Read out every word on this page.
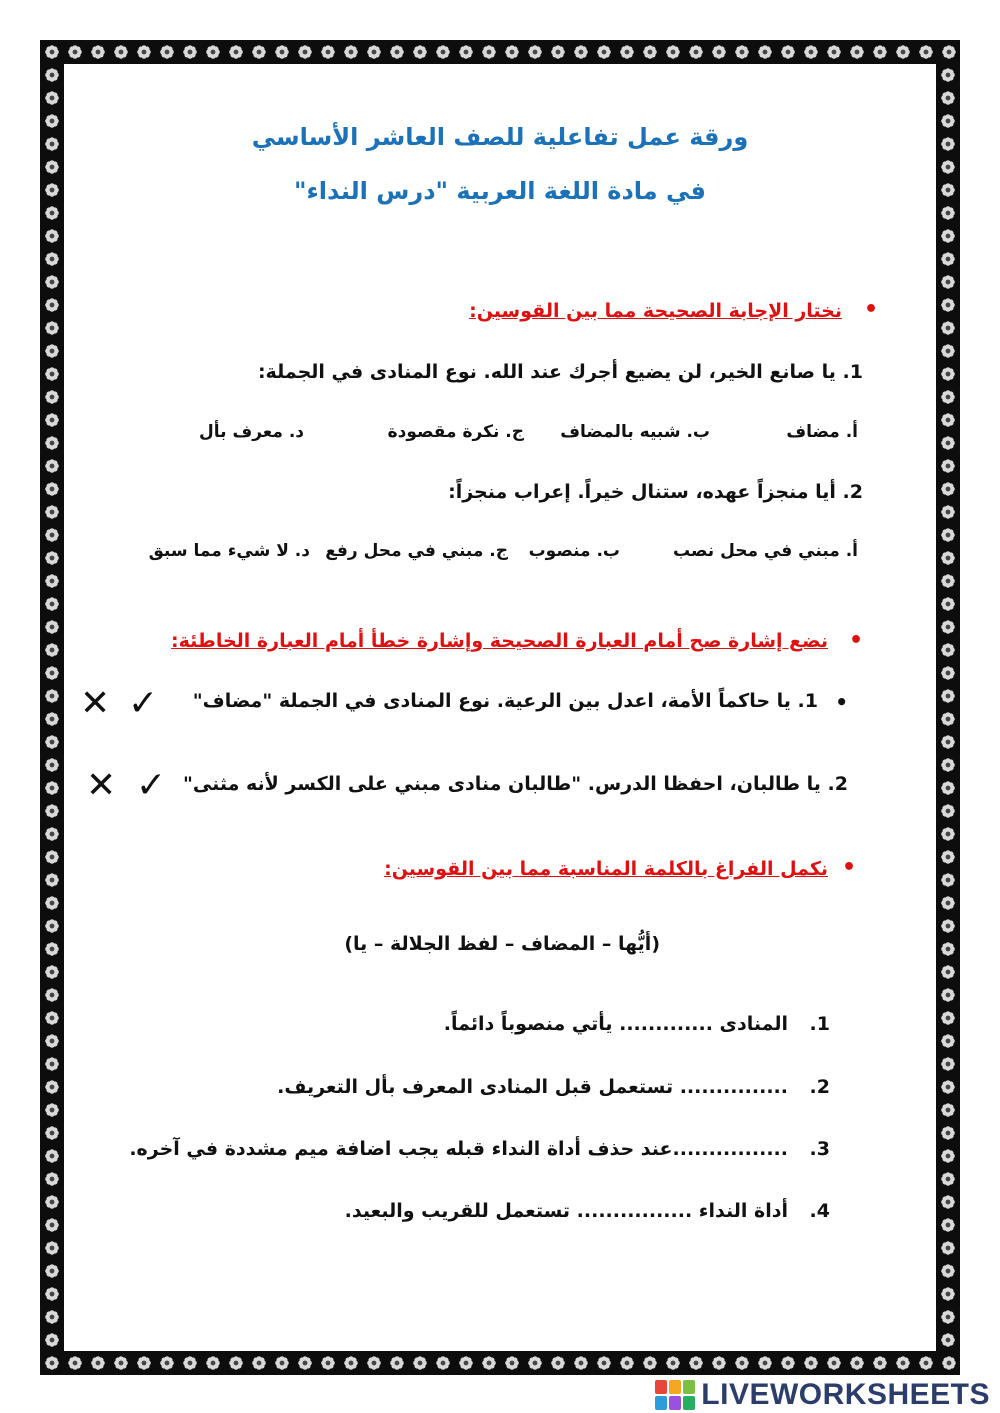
ورقة عمل تفاعلية للصف العاشر الأساسي
في مادة اللغة العربية "درس النداء"
•
نختار الإجابة الصحيحة مما بين القوسين:
1. يا صانع الخير، لن يضيع أجرك عند الله. نوع المنادى في الجملة:
أ. مضاف
ب. شبيه بالمضاف
ج. نكرة مقصودة
د. معرف بأل
2. أيا منجزاً عهده، ستنال خيراً. إعراب منجزاً:
أ. مبني في محل نصب
ب. منصوب
ج. مبني في محل رفع
د. لا شيء مما سبق
•
نضع إشارة صح أمام العبارة الصحيحة وإشارة خطأ أمام العبارة الخاطئة:
•
1. يا حاكماً الأمة، اعدل بين الرعية. نوع المنادى في الجملة "مضاف"
✓
✕
2. يا طالبان، احفظا الدرس. "طالبان منادى مبني على الكسر لأنه مثنى"
✓
✕
•
نكمل الفراغ بالكلمة المناسبة مما بين القوسين:
(أيُّها – المضاف – لفظ الجلالة – يا)
1.
المنادى ............. يأتي منصوباً دائماً.
2.
............... تستعمل قبل المنادى المعرف بأل التعريف.
3.
................عند حذف أداة النداء قبله يجب اضافة ميم مشددة في آخره.
4.
أداة النداء ................ تستعمل للقريب والبعيد.
LIVEWORKSHEETS
